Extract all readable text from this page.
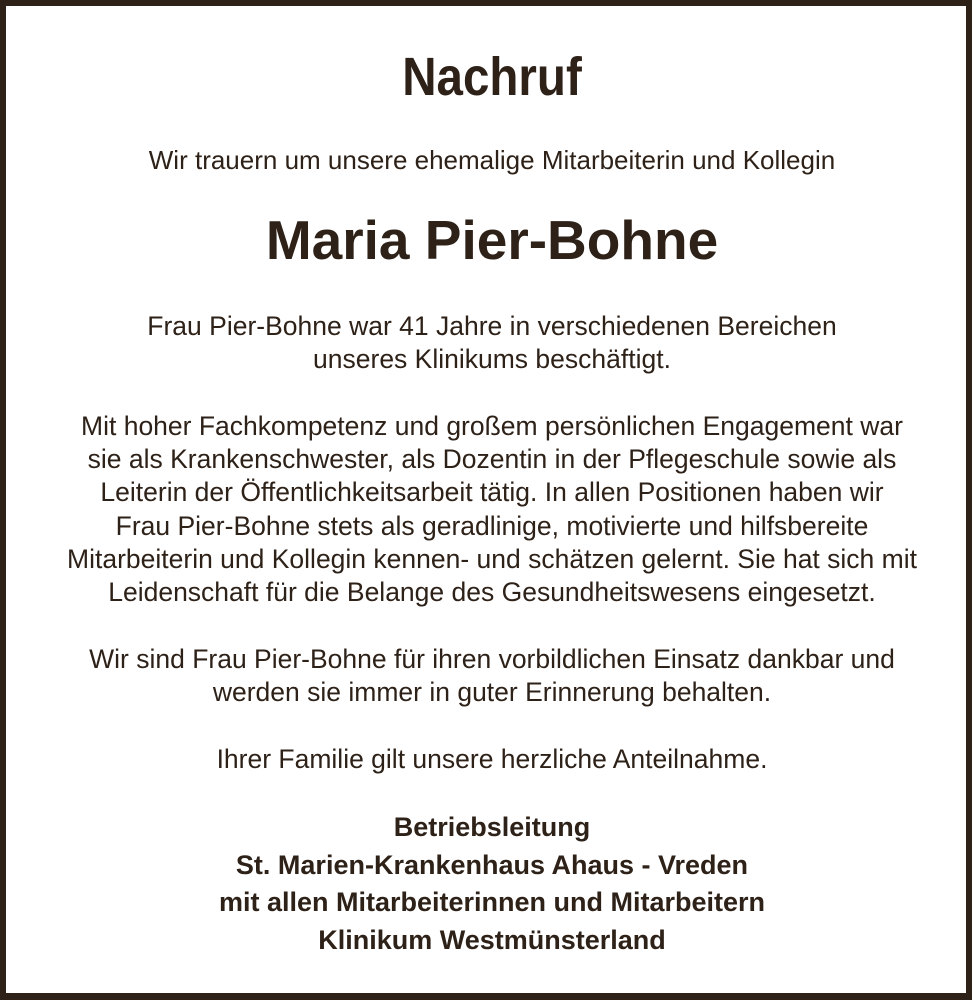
Nachruf
Wir trauern um unsere ehemalige Mitarbeiterin und Kollegin
Maria Pier-Bohne
Frau Pier-Bohne war 41 Jahre in verschiedenen Bereichen
unseres Klinikums beschäftigt.
Mit hoher Fachkompetenz und großem persönlichen Engagement war
sie als Krankenschwester, als Dozentin in der Pflegeschule sowie als
Leiterin der Öffentlichkeitsarbeit tätig. In allen Positionen haben wir
Frau Pier-Bohne stets als geradlinige, motivierte und hilfsbereite
Mitarbeiterin und Kollegin kennen- und schätzen gelernt. Sie hat sich mit
Leidenschaft für die Belange des Gesundheitswesens eingesetzt.
Wir sind Frau Pier-Bohne für ihren vorbildlichen Einsatz dankbar und
werden sie immer in guter Erinnerung behalten.
Ihrer Familie gilt unsere herzliche Anteilnahme.
Betriebsleitung
St. Marien-Krankenhaus Ahaus - Vreden
mit allen Mitarbeiterinnen und Mitarbeitern
Klinikum Westmünsterland
